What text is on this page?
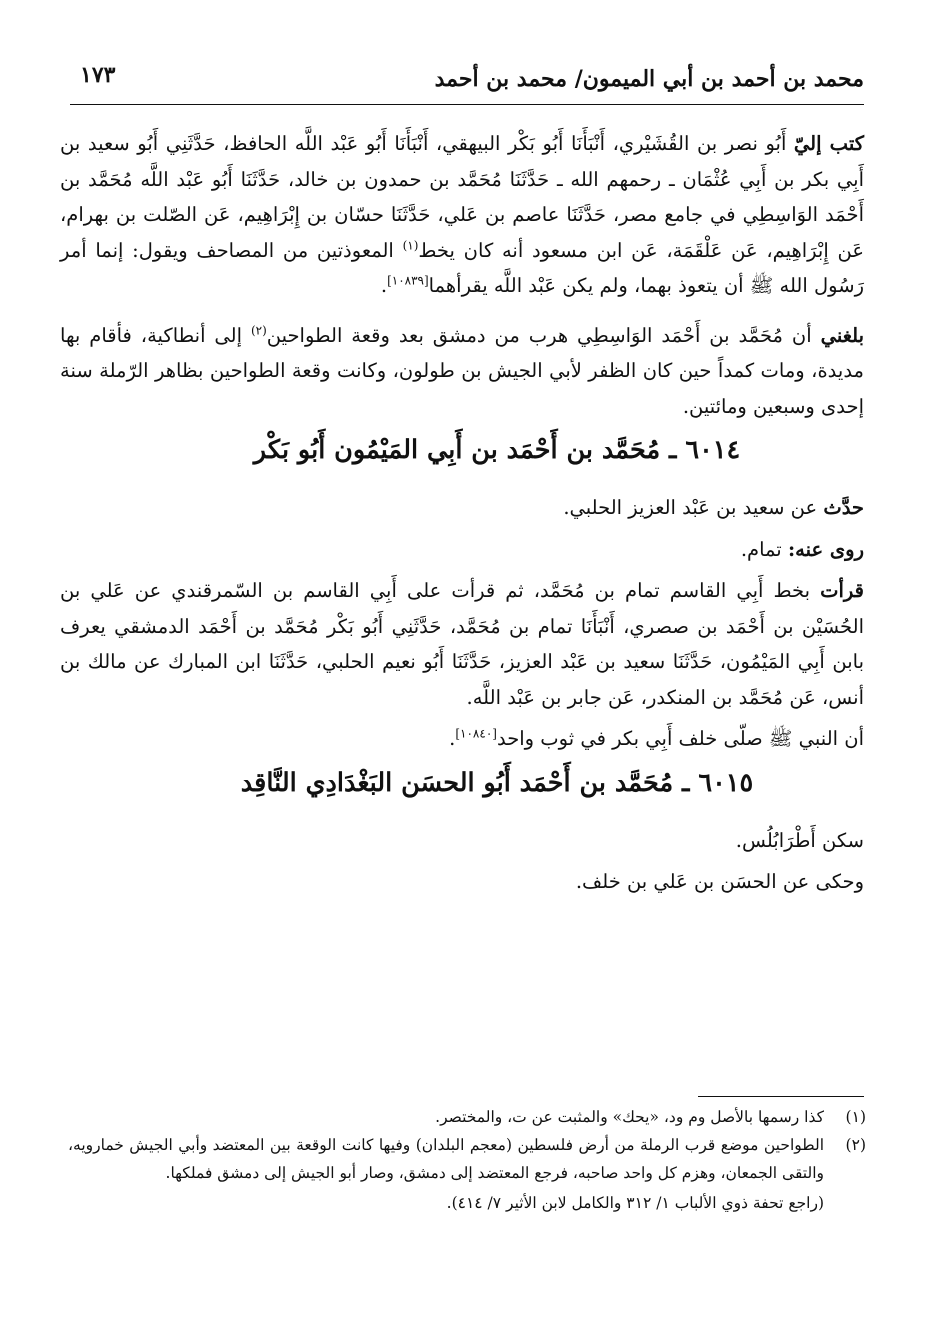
محمد بن أحمد بن أبي الميمون/ محمد بن أحمد
١٧٣

كتب إليّ أَبُو نصر بن القُشَيْري، أَنْبَأَنَا أَبُو بَكْر البيهقي، أَنْبَأَنَا أَبُو عَبْد اللَّه الحافظ، حَدَّثَنِي أَبُو سعيد بن أَبِي بكر بن أَبِي عُثْمَان ـ رحمهم الله ـ حَدَّثَنَا مُحَمَّد بن حمدون بن خالد، حَدَّثَنَا أَبُو عَبْد اللَّه مُحَمَّد بن أَحْمَد الوَاسِطِي في جامع مصر، حَدَّثَنَا عاصم بن عَلي، حَدَّثَنَا حسّان بن إِبْرَاهِيم، عَن الصّلت بن بهرام، عَن إِبْرَاهِيم، عَن عَلْقَمَة، عَن ابن مسعود أنه كان يخط$^{(١)}$ المعوذتين من المصاحف ويقول: إنما أمر رَسُول الله ﷺ أن يتعوذ بهما، ولم يكن عَبْد اللَّه يقرأهما[١٠٨٣٩].

بلغني أن مُحَمَّد بن أَحْمَد الوَاسِطِي هرب من دمشق بعد وقعة الطواحين$^{(٢)}$ إلى أنطاكية، فأقام بها مديدة، ومات كمداً حين كان الظفر لأبي الجيش بن طولون، وكانت وقعة الطواحين بظاهر الرّملة سنة إحدى وسبعين ومائتين.

٦٠١٤ ـ مُحَمَّد بن أَحْمَد بن أَبِي المَيْمُون أَبُو بَكْر

حدَّث عن سعيد بن عَبْد العزيز الحلبي.

روى عنه: تمام.

قرأت بخط أَبِي القاسم تمام بن مُحَمَّد، ثم قرأت على أَبِي القاسم بن السّمرقندي عن عَلي بن الحُسَيْن بن أَحْمَد بن صصري، أَنْبَأَنَا تمام بن مُحَمَّد، حَدَّثَنِي أَبُو بَكْر مُحَمَّد بن أَحْمَد الدمشقي يعرف بابن أَبِي المَيْمُون، حَدَّثَنَا سعيد بن عَبْد العزيز، حَدَّثَنَا أَبُو نعيم الحلبي، حَدَّثَنَا ابن المبارك عن مالك بن أنس، عَن مُحَمَّد بن المنكدر، عَن جابر بن عَبْد اللَّه.

أن النبي ﷺ صلّى خلف أَبِي بكر في ثوب واحد[١٠٨٤٠].

٦٠١٥ ـ مُحَمَّد بن أَحْمَد أَبُو الحسَن البَغْدَادِي النَّاقِد

سكن أَطْرَابُلُس.

وحكى عن الحسَن بن عَلي بن خلف.

(١)
كذا رسمها بالأصل وم ود، «يحك» والمثبت عن ت، والمختصر.
(٢)
الطواحين موضع قرب الرملة من أرض فلسطين (معجم البلدان) وفيها كانت الوقعة بين المعتضد وأبي الجيش خمارويه، والتقى الجمعان، وهزم كل واحد صاحبه، فرجع المعتضد إلى دمشق، وصار أبو الجيش إلى دمشق فملكها.
(راجع تحفة ذوي الألباب ١/ ٣١٢ والكامل لابن الأثير ٧/ ٤١٤).
